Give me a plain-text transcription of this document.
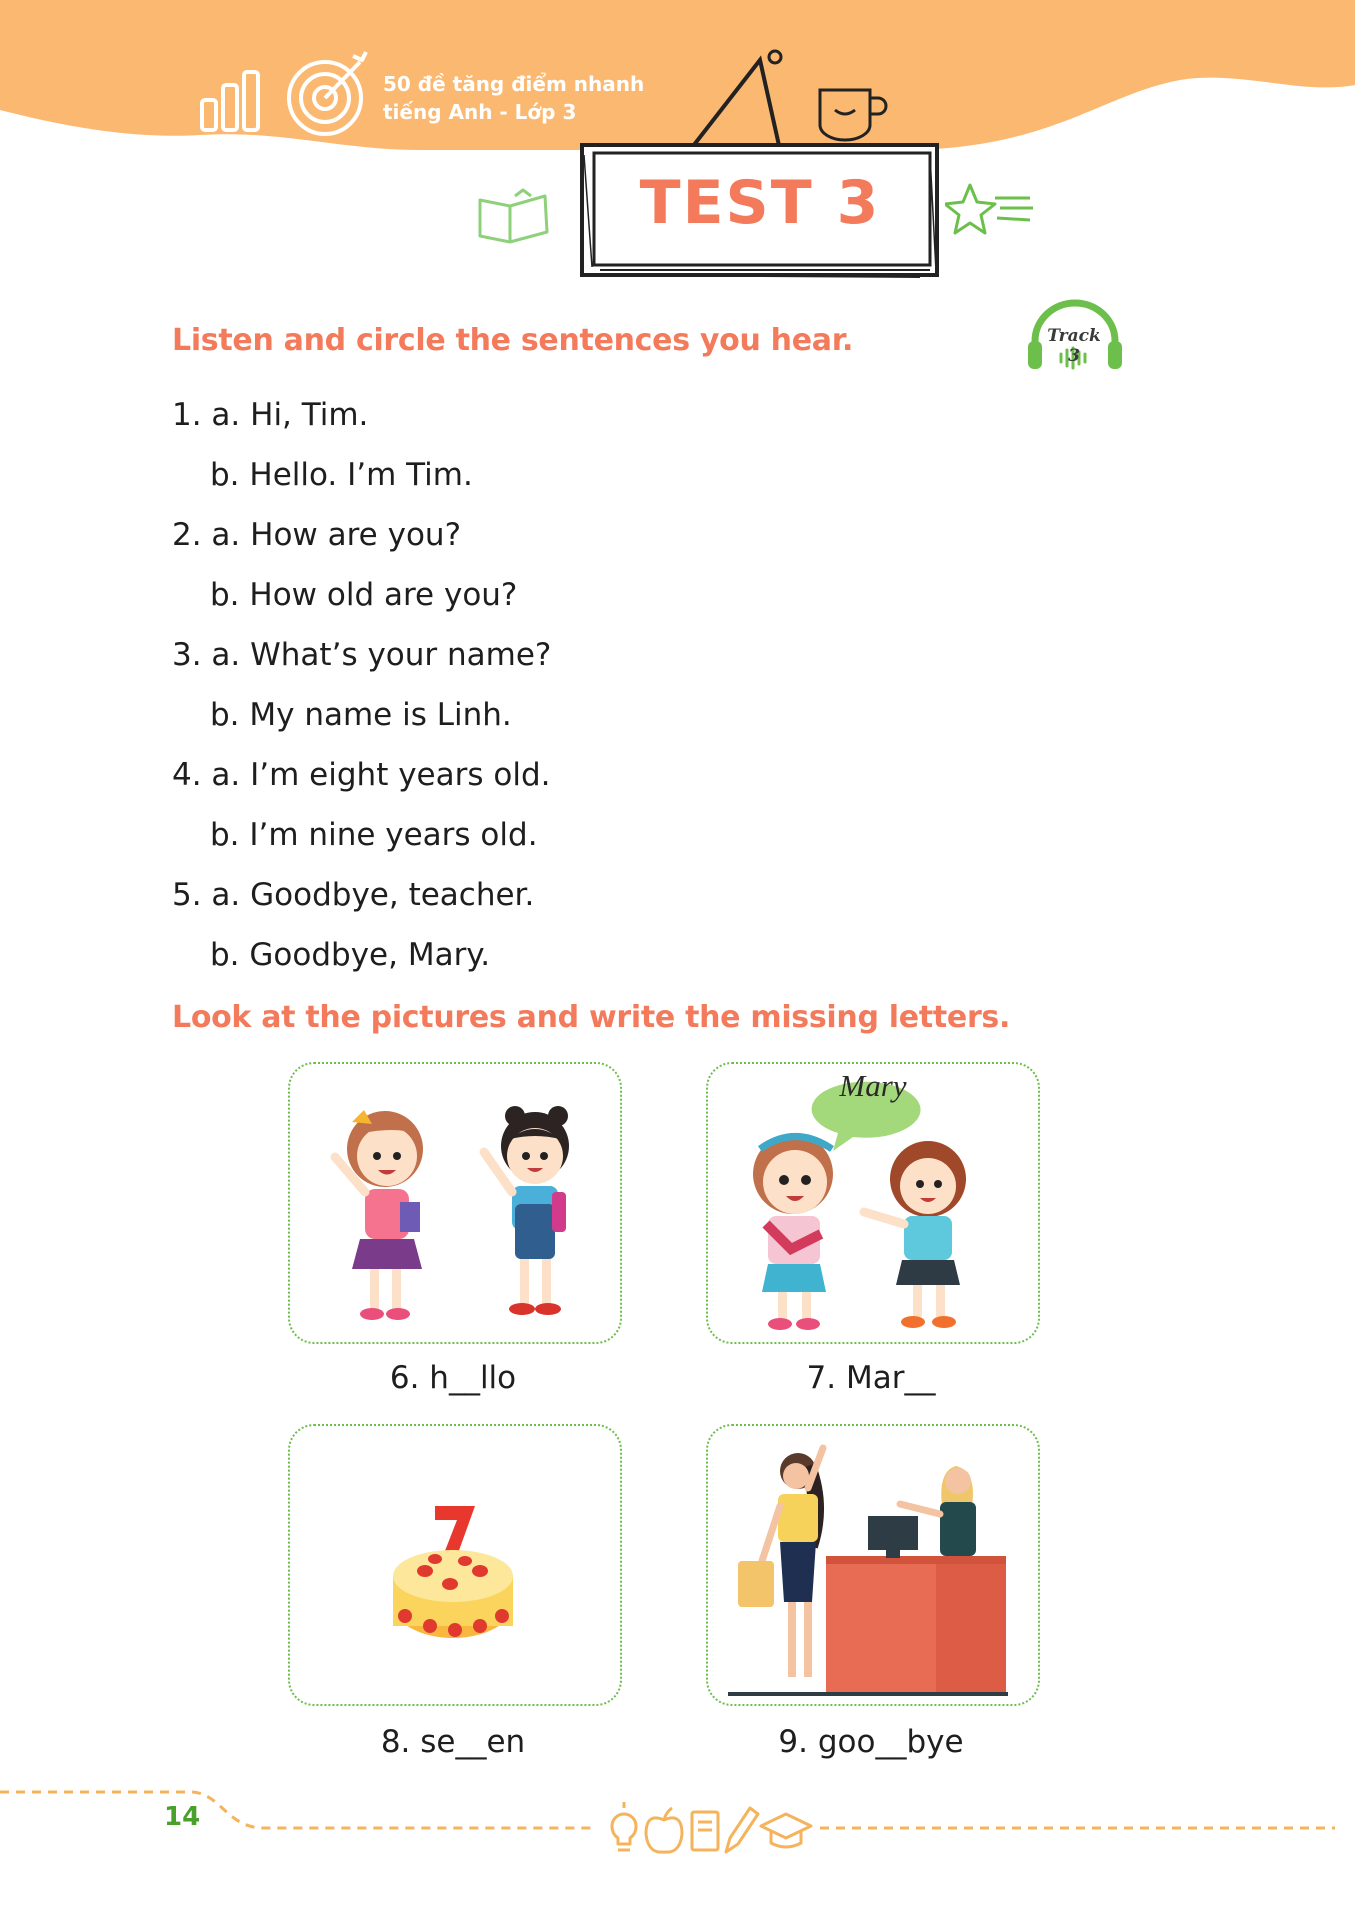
50 đề tăng điểm nhanh
tiếng Anh - Lớp 3
TEST 3
Track 3
Listen and circle the sentences you hear.
1. a. Hi, Tim.
b. Hello. I’m Tim.
2. a. How are you?
b. How old are you?
3. a. What’s your name?
b. My name is Linh.
4. a. I’m eight years old.
b. I’m nine years old.
5. a. Goodbye, teacher.
b. Goodbye, Mary.
Look at the pictures and write the missing letters.
6. h__llo
Mary
7. Mar__
8. se__en	9. goo__bye
14
